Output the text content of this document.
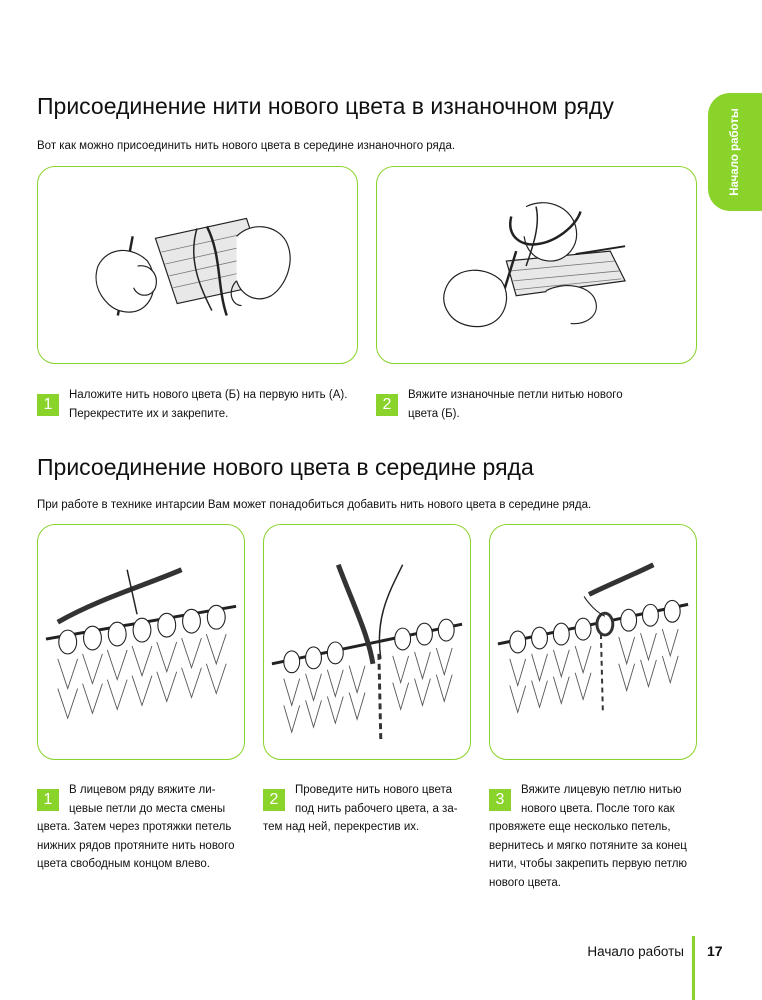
Начало работы
Присоединение нити нового цвета в изнаночном ряду

Вот как можно присоединить нить нового цвета в середине изнаночного ряда.

1
Наложите нить нового цвета (Б) на первую нить (А).
Перекрестите их и закрепите.
2
Вяжите изнаночные петли нитью нового
цвета (Б).
Присоединение нового цвета в середине ряда

При работе в технике интарсии Вам может понадобиться добавить нить нового цвета в середине ряда.

1
В лицевом ряду вяжите ли-
цевые петли до места смены
цвета. Затем через протяжки петель нижних рядов протяните нить нового цвета свободным концом влево.
2
Проведите нить нового цвета
под нить рабочего цвета, а за-
тем над ней, перекрестив их.
3
Вяжите лицевую петлю нитью
нового цвета. После того как
провяжете еще несколько петель, вернитесь и мягко потяните за конец нити, чтобы закрепить первую петлю нового цвета.
Начало работы 17
